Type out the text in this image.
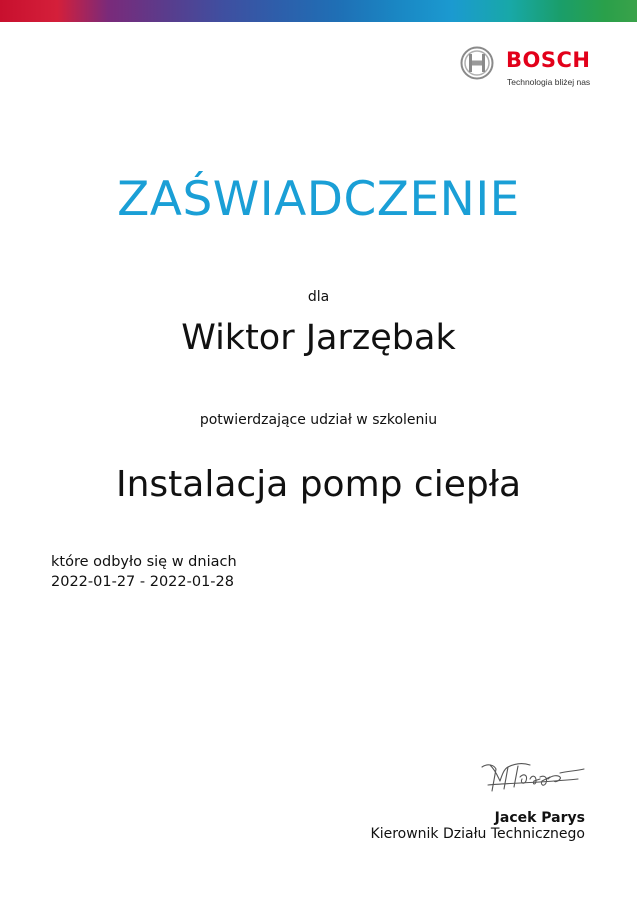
BOSCH
Technologia bliżej nas
ZAŚWIADCZENIE
dla
Wiktor Jarzębak
potwierdzające udział w szkoleniu
Instalacja pomp ciepła
które odbyło się w dniach
2022-01-27 - 2022-01-28
Jacek Parys
Kierownik Działu Technicznego
